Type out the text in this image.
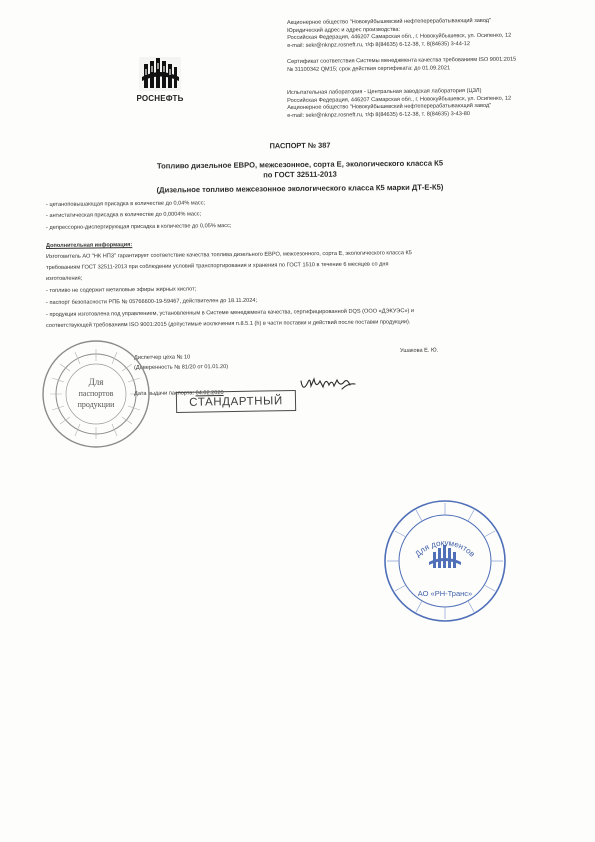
РОСНЕФТЬ
Акционерное общество "Новокуйбышевский нефтеперерабатывающий завод"
Юридический адрес и адрес производства:
Российская Федерация, 446207 Самарская обл., г. Новокуйбышевск, ул. Осипенко, 12
e-mail: sekr@nknpz.rosneft.ru, т/ф 8(84635) 6-12-38, т. 8(84635) 3-44-12
Сертификат соответствия Системы менеджмента качества требованиям ISO 9001:2015
№ 31100342 QM15; срок действия сертификата: до 01.09.2021
Испытательная лаборатория - Центральная заводская лаборатория (ЦЗЛ)
Российская Федерация, 446207 Самарская обл., г. Новокуйбышевск, ул. Осипенко, 12
Акционерное общество "Новокуйбышевский нефтеперерабатывающий завод"
e-mail: sekr@nknpz.rosneft.ru, т/ф 8(84635) 6-12-38, т. 8(84635) 3-43-80
ПАСПОРТ № 387
Топливо дизельное ЕВРО, межсезонное, сорта Е, экологического класса К5
по ГОСТ 32511-2013
(Дизельное топливо межсезонное экологического класса К5 марки ДТ-Е-К5)
- цетаноповышающая присадка в количестве до 0,04% масс;
- антистатическая присадка в количестве до 0,0004% масс;
- депрессорно-диспергирующая присадка в количестве до 0,05% масс;
Дополнительная информация:
Изготовитель АО "НК НПЗ" гарантирует соответствие качества топлива дизельного ЕВРО, межсезонного, сорта Е, экологического класса К5
требованиям ГОСТ 32511-2013 при соблюдении условий транспортирования и хранения по ГОСТ 1510 в течение 6 месяцев со дня
изготовления;
- топливо не содержит метиловые эфиры жирных кислот;
- паспорт безопасности РПБ № 05766600-19-59467, действителен до 18.11.2024;
- продукция изготовлена под управлением, установленным в Системе менеджмента качества, сертифицированной DQS (ООО «ДЭКУЭС») и
соответствующей требованиям ISO 9001:2015 (допустимые исключения п.8.5.1 (h) в части поставки и действий после поставки продукции).
Диспетчер цеха № 10
Ушакова Е. Ю.
(Доверенность № 81/20 от 01.01.20)
Дата выдачи паспорта: 04.02.2020
Для
паспортов
продукции	СТАНДАРТНЫЙ
Для документов
АО «РН-Транс»
